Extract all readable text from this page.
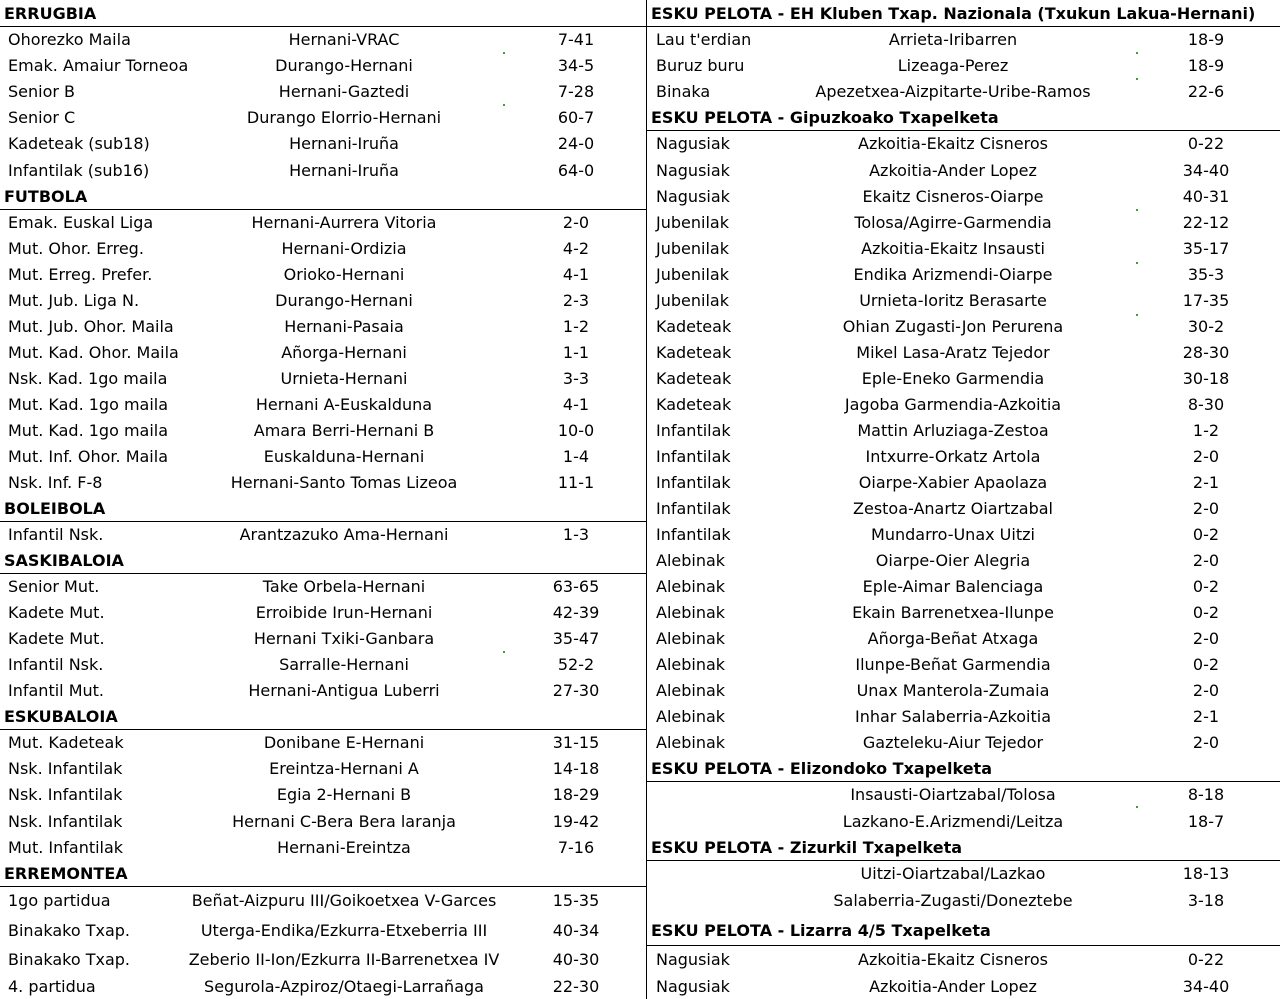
ERRUGBIA
Ohorezko Maila	Hernani-VRAC	7-41
Emak. Amaiur Torneoa	Durango-Hernani	34-5
Senior B	Hernani-Gaztedi	7-28
Senior C	Durango Elorrio-Hernani	60-7
Kadeteak (sub18)	Hernani-Iruña	24-0
Infantilak (sub16)	Hernani-Iruña	64-0
FUTBOLA
Emak. Euskal Liga	Hernani-Aurrera Vitoria	2-0
Mut. Ohor. Erreg.	Hernani-Ordizia	4-2
Mut. Erreg. Prefer.	Orioko-Hernani	4-1
Mut. Jub. Liga N.	Durango-Hernani	2-3
Mut. Jub. Ohor. Maila	Hernani-Pasaia	1-2
Mut. Kad. Ohor. Maila	Añorga-Hernani	1-1
Nsk. Kad. 1go maila	Urnieta-Hernani	3-3
Mut. Kad. 1go maila	Hernani A-Euskalduna	4-1
Mut. Kad. 1go maila	Amara Berri-Hernani B	10-0
Mut. Inf. Ohor. Maila	Euskalduna-Hernani	1-4
Nsk. Inf. F-8	Hernani-Santo Tomas Lizeoa	11-1
BOLEIBOLA
Infantil Nsk.	Arantzazuko Ama-Hernani	1-3
SASKIBALOIA
Senior Mut.	Take Orbela-Hernani	63-65
Kadete Mut.	Erroibide Irun-Hernani	42-39
Kadete Mut.	Hernani Txiki-Ganbara	35-47
Infantil Nsk.	Sarralle-Hernani	52-2
Infantil Mut.	Hernani-Antigua Luberri	27-30
ESKUBALOIA
Mut. Kadeteak	Donibane E-Hernani	31-15
Nsk. Infantilak	Ereintza-Hernani A	14-18
Nsk. Infantilak	Egia 2-Hernani B	18-29
Nsk. Infantilak	Hernani C-Bera Bera laranja	19-42
Mut. Infantilak	Hernani-Ereintza	7-16
ERREMONTEA
1go partidua	Beñat-Aizpuru III/Goikoetxea V-Garces	15-35
Binakako Txap.	Uterga-Endika/Ezkurra-Etxeberria III	40-34
Binakako Txap.	Zeberio II-Ion/Ezkurra II-Barrenetxea IV	40-30
4. partidua	Segurola-Azpiroz/Otaegi-Larrañaga	22-30
ESKU PELOTA - EH Kluben Txap. Nazionala (Txukun Lakua-Hernani)
Lau t'erdian	Arrieta-Iribarren	18-9
Buruz buru	Lizeaga-Perez	18-9
Binaka	Apezetxea-Aizpitarte-Uribe-Ramos	22-6
ESKU PELOTA - Gipuzkoako Txapelketa
Nagusiak	Azkoitia-Ekaitz Cisneros	0-22
Nagusiak	Azkoitia-Ander Lopez	34-40
Nagusiak	Ekaitz Cisneros-Oiarpe	40-31
Jubenilak	Tolosa/Agirre-Garmendia	22-12
Jubenilak	Azkoitia-Ekaitz Insausti	35-17
Jubenilak	Endika Arizmendi-Oiarpe	35-3
Jubenilak	Urnieta-Ioritz Berasarte	17-35
Kadeteak	Ohian Zugasti-Jon Perurena	30-2
Kadeteak	Mikel Lasa-Aratz Tejedor	28-30
Kadeteak	Eple-Eneko Garmendia	30-18
Kadeteak	Jagoba Garmendia-Azkoitia	8-30
Infantilak	Mattin Arluziaga-Zestoa	1-2
Infantilak	Intxurre-Orkatz Artola	2-0
Infantilak	Oiarpe-Xabier Apaolaza	2-1
Infantilak	Zestoa-Anartz Oiartzabal	2-0
Infantilak	Mundarro-Unax Uitzi	0-2
Alebinak	Oiarpe-Oier Alegria	2-0
Alebinak	Eple-Aimar Balenciaga	0-2
Alebinak	Ekain Barrenetxea-Ilunpe	0-2
Alebinak	Añorga-Beñat Atxaga	2-0
Alebinak	Ilunpe-Beñat Garmendia	0-2
Alebinak	Unax Manterola-Zumaia	2-0
Alebinak	Inhar Salaberria-Azkoitia	2-1
Alebinak	Gazteleku-Aiur Tejedor	2-0
ESKU PELOTA - Elizondoko Txapelketa
Insausti-Oiartzabal/Tolosa	8-18
Lazkano-E.Arizmendi/Leitza	18-7
ESKU PELOTA - Zizurkil Txapelketa
Uitzi-Oiartzabal/Lazkao	18-13
Salaberria-Zugasti/Doneztebe	3-18
ESKU PELOTA - Lizarra 4/5 Txapelketa
Nagusiak	Azkoitia-Ekaitz Cisneros	0-22
Nagusiak	Azkoitia-Ander Lopez	34-40
